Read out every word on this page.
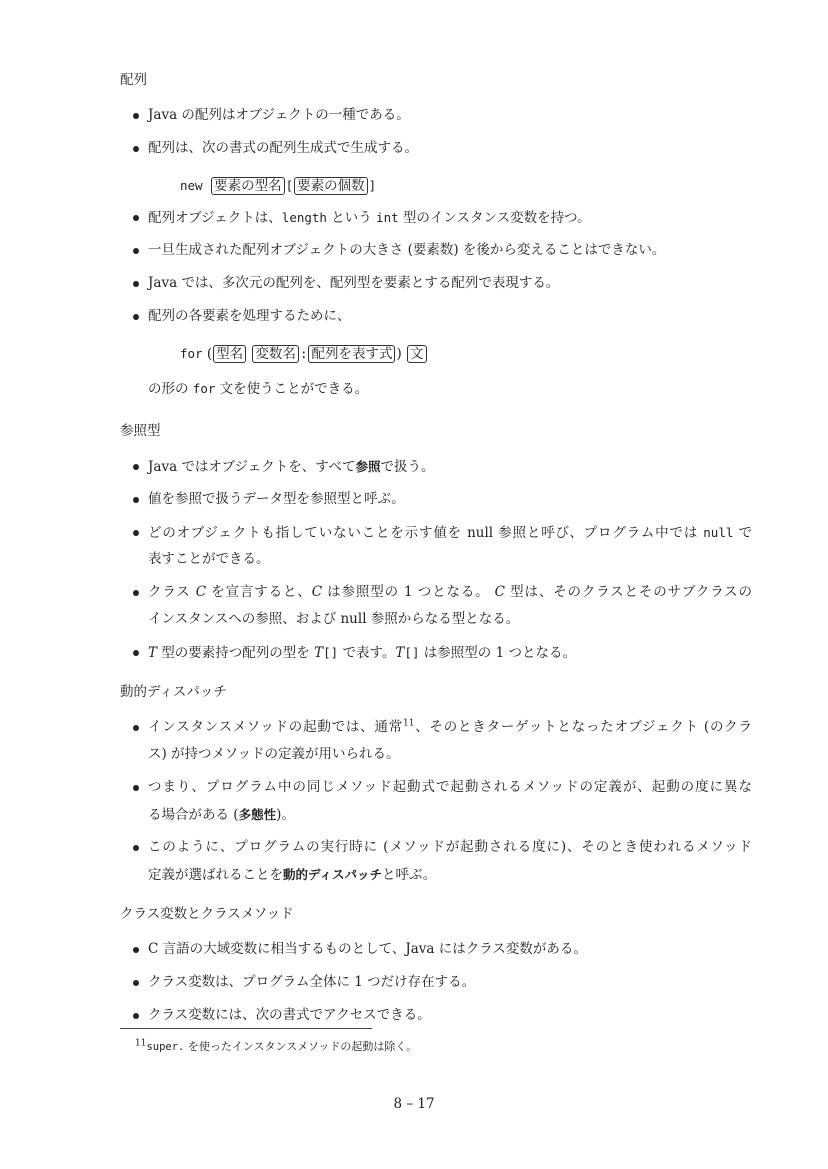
配列
Java の配列はオブジェクトの一種である。
配列は、次の書式の配列生成式で生成する。
new 要素の型名 [ 要素の個数 ]
配列オブジェクトは、length という int 型のインスタンス変数を持つ。
一旦生成された配列オブジェクトの大きさ (要素数) を後から変えることはできない。
Java では、多次元の配列を、配列型を要素とする配列で表現する。
配列の各要素を処理するために、
for ( 型名 変数名 : 配列を表す式 ) 文
の形の for 文を使うことができる。
参照型
Java ではオブジェクトを、すべて参照で扱う。
値を参照で扱うデータ型を参照型と呼ぶ。
どのオブジェクトも指していないことを示す値を null 参照と呼び、プログラム中では null で
表すことができる。
クラス C を宣言すると、C は参照型の 1 つとなる。 C 型は、そのクラスとそのサブクラスの
インスタンスへの参照、および null 参照からなる型となる。
T 型の要素持つ配列の型を T[] で表す。T[] は参照型の 1 つとなる。
動的ディスパッチ
インスタンスメソッドの起動では、通常$^{11}$、そのときターゲットとなったオブジェクト (のクラ
ス) が持つメソッドの定義が用いられる。
つまり、プログラム中の同じメソッド起動式で起動されるメソッドの定義が、起動の度に異な
る場合がある (多態性)。
このように、プログラムの実行時に (メソッドが起動される度に)、そのとき使われるメソッド
定義が選ばれることを動的ディスパッチと呼ぶ。
クラス変数とクラスメソッド
C 言語の大域変数に相当するものとして、Java にはクラス変数がある。
クラス変数は、プログラム全体に 1 つだけ存在する。
クラス変数には、次の書式でアクセスできる。
$^{11}$super. を使ったインスタンスメソッドの起動は除く。
8 – 17
